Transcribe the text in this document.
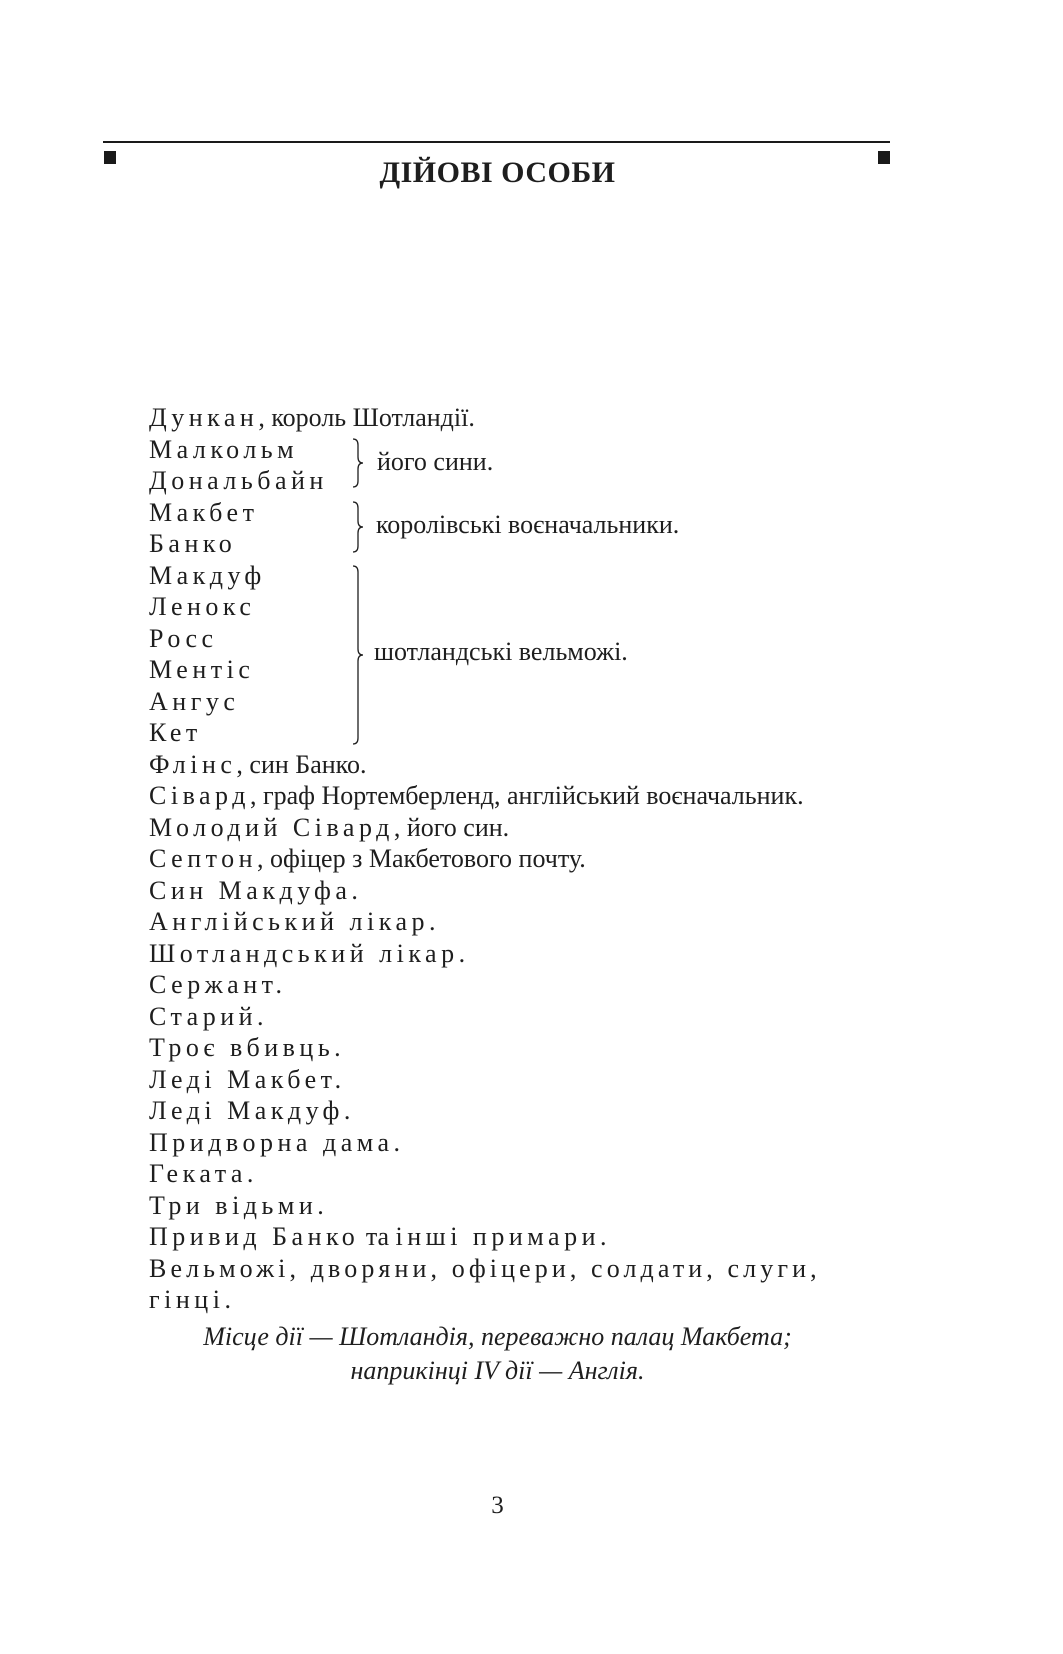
ДІЙОВІ ОСОБИ
Дункан, король Шотландії.
Малкольм
Дональбайн
його сини.
Макбет
Банко
королівські воєначальники.
Макдуф
Ленокс
Росс
Ментіс
Ангус
Кет
шотландські вельможі.
Флінс, син Банко.
Сівард, граф Нортемберленд, англійський воєначальник.
Молодий Сівард, його син.
Септон, офіцер з Макбетового почту.
Син Макдуфа.
Англійський лікар.
Шотландський лікар.
Сержант.
Старий.
Троє вбивць.
Леді Макбет.
Леді Макдуф.
Придворна дама.
Геката.
Три відьми.
Привид Банко та інші примари.
Вельможі, дворяни, офіцери, солдати, слуги,
гінці.
Місце дії — Шотландія, переважно палац Макбета;
наприкінці IV дії — Англія.
3
